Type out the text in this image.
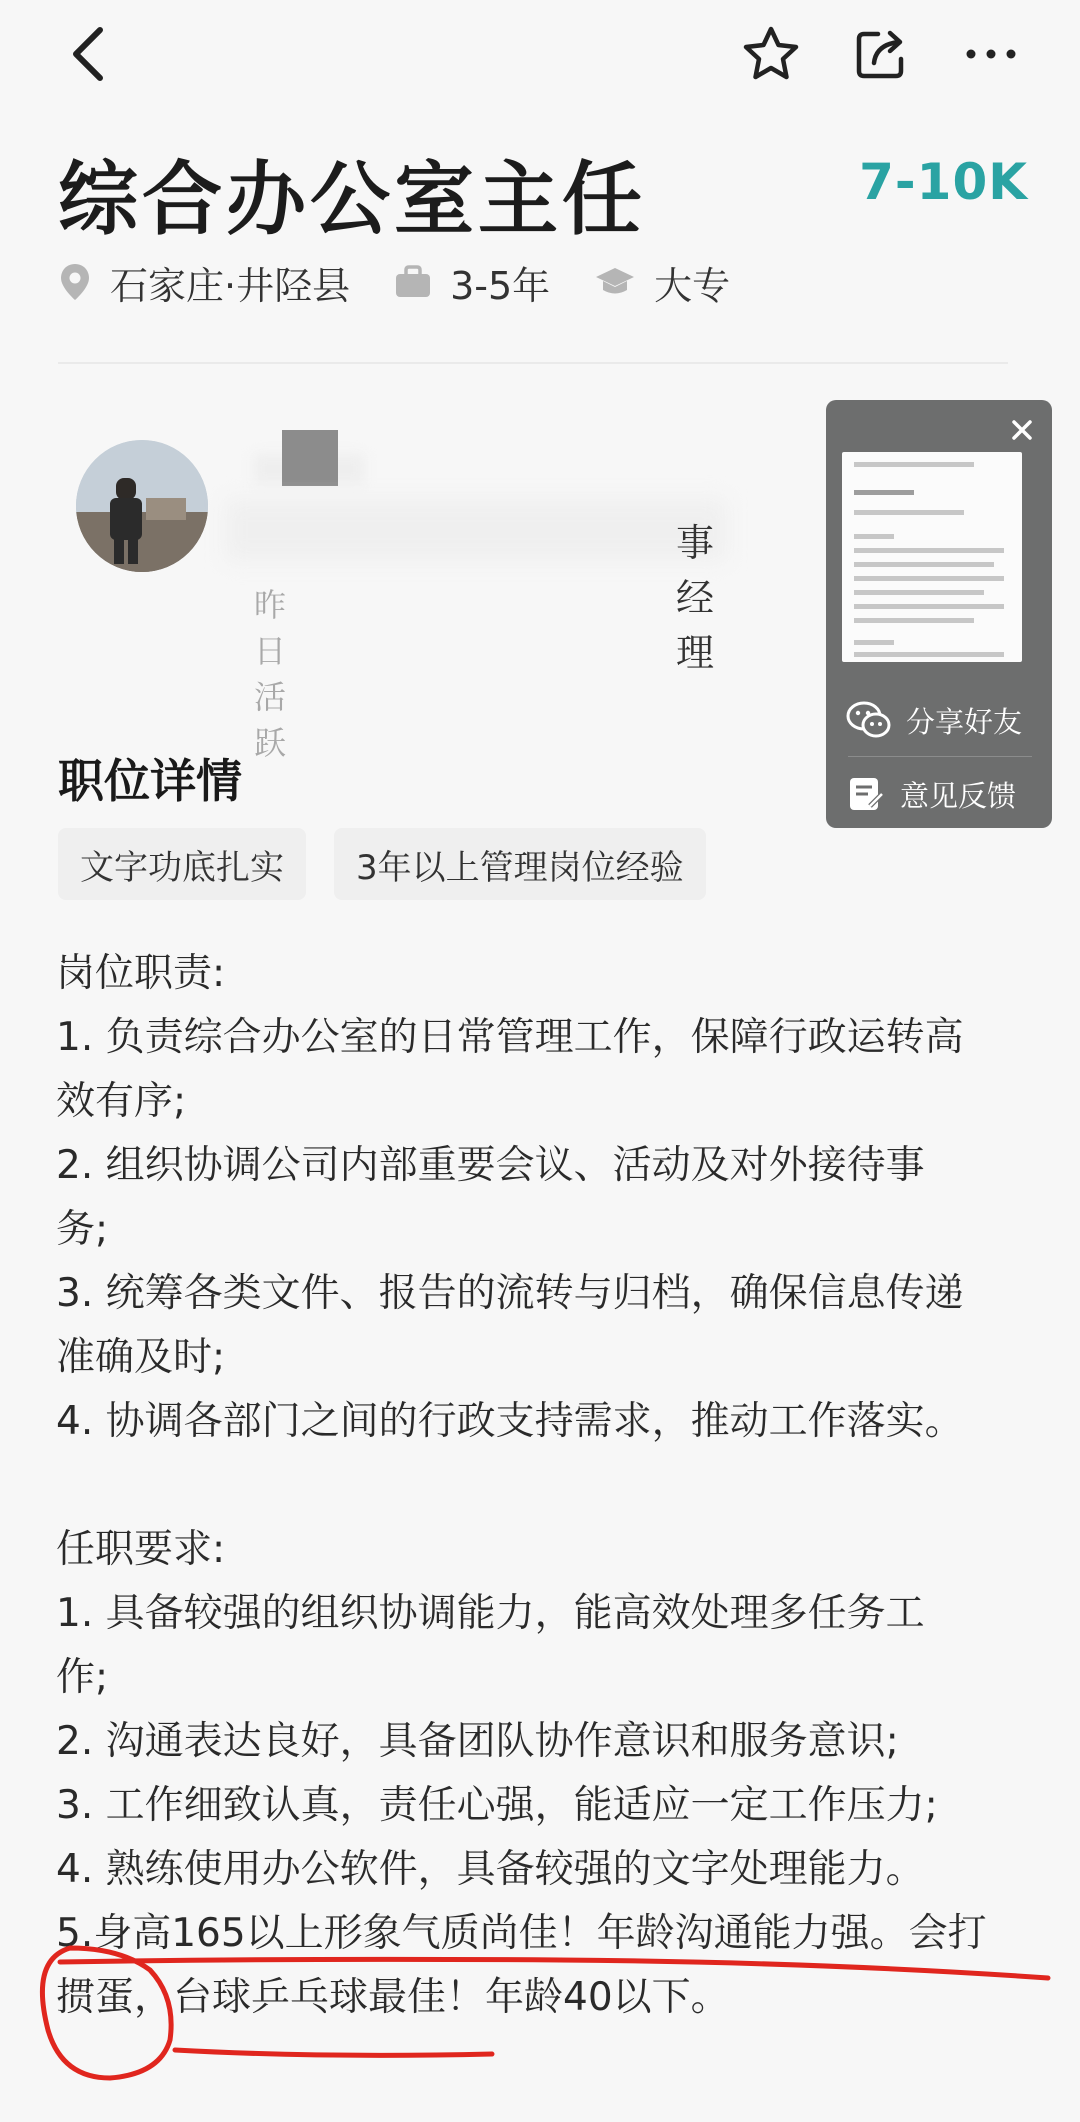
综合办公室主任	7-10K
石家庄·井陉县	3-5年	大专
事经理
昨日活跃
分享好友
意见反馈
职位详情
文字功底扎实	3年以上管理岗位经验
岗位职责:
1. 负责综合办公室的日常管理工作，保障行政运转高
效有序;
2. 组织协调公司内部重要会议、活动及对外接待事
务;
3. 统筹各类文件、报告的流转与归档，确保信息传递
准确及时;
4. 协调各部门之间的行政支持需求，推动工作落实。
任职要求:
1. 具备较强的组织协调能力，能高效处理多任务工
作;
2. 沟通表达良好，具备团队协作意识和服务意识;
3. 工作细致认真，责任心强，能适应一定工作压力;
4. 熟练使用办公软件，具备较强的文字处理能力。
5.身高165以上形象气质尚佳！年龄沟通能力强。会打
掼蛋，台球乒乓球最佳！年龄40以下。
